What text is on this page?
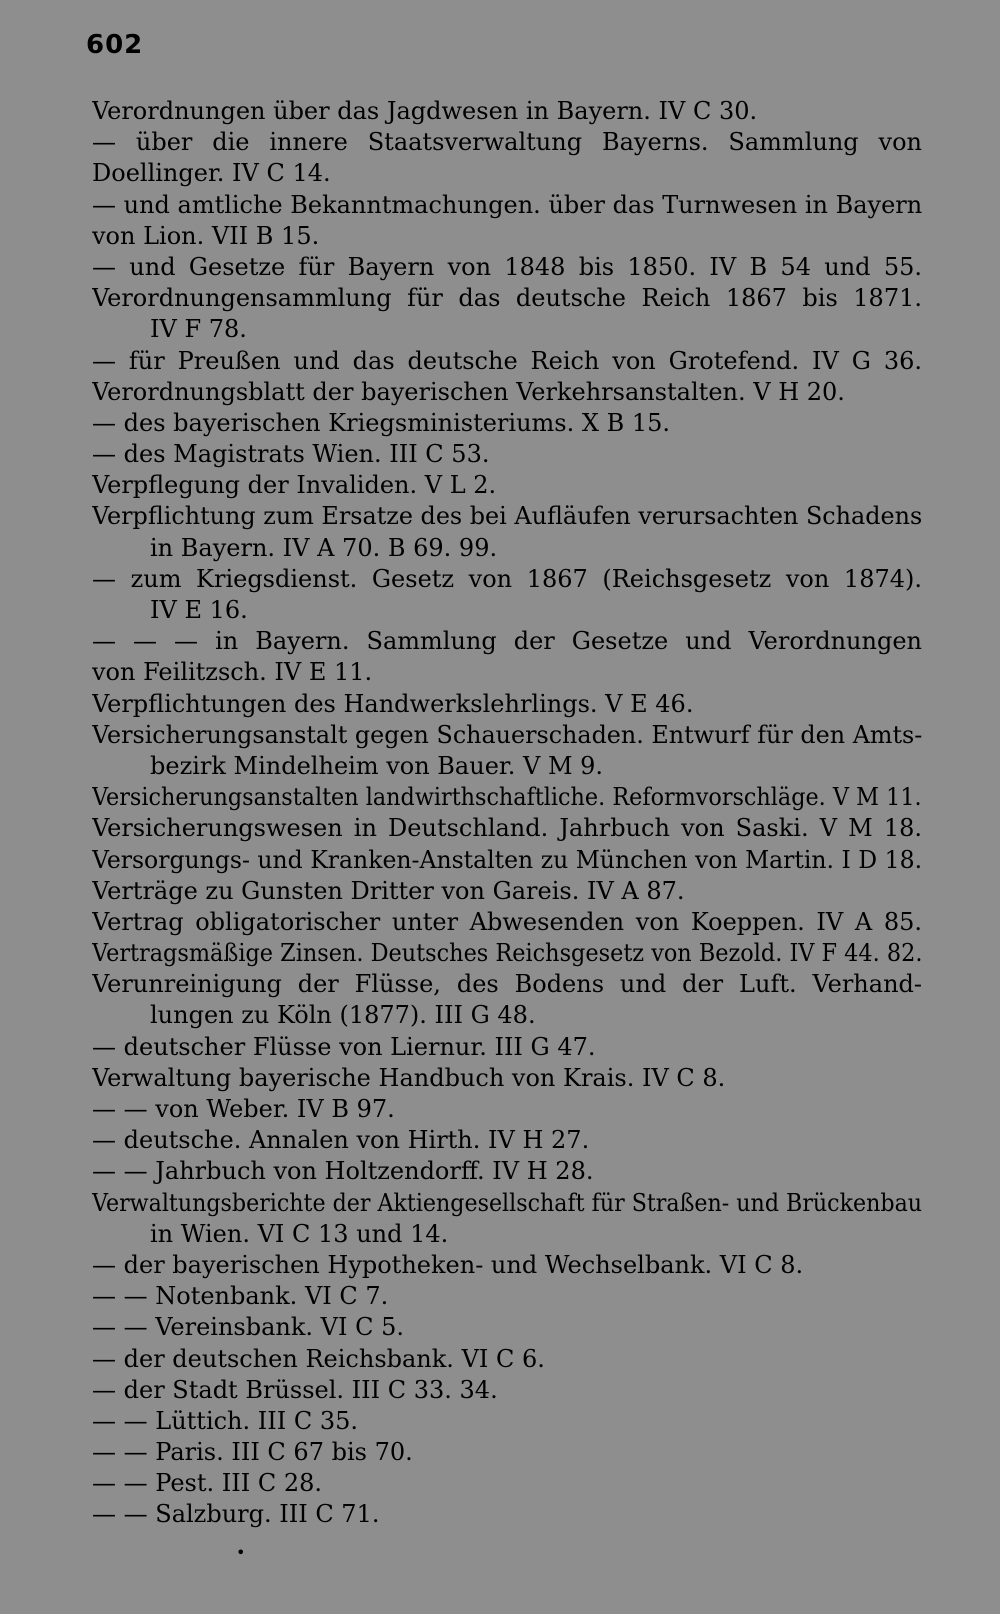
602
Verordnungen über das Jagdwesen in Bayern. IV C 30.
— über die innere Staatsverwaltung Bayerns. Sammlung von
Doellinger. IV C 14.
— und amtliche Bekanntmachungen. über das Turnwesen in Bayern
von Lion. VII B 15.
— und Gesetze für Bayern von 1848 bis 1850. IV B 54 und 55.
Verordnungensammlung für das deutsche Reich 1867 bis 1871.
IV F 78.
— für Preußen und das deutsche Reich von Grotefend. IV G 36.
Verordnungsblatt der bayerischen Verkehrsanstalten. V H 20.
— des bayerischen Kriegsministeriums. X B 15.
— des Magistrats Wien. III C 53.
Verpflegung der Invaliden. V L 2.
Verpflichtung zum Ersatze des bei Aufläufen verursachten Schadens
in Bayern. IV A 70. B 69. 99.
— zum Kriegsdienst. Gesetz von 1867 (Reichsgesetz von 1874).
IV E 16.
— — — in Bayern. Sammlung der Gesetze und Verordnungen
von Feilitzsch. IV E 11.
Verpflichtungen des Handwerkslehrlings. V E 46.
Versicherungsanstalt gegen Schauerschaden. Entwurf für den Amts-
bezirk Mindelheim von Bauer. V M 9.
Versicherungsanstalten landwirthschaftliche. Reformvorschläge. V M 11.
Versicherungswesen in Deutschland. Jahrbuch von Saski. V M 18.
Versorgungs- und Kranken-Anstalten zu München von Martin. I D 18.
Verträge zu Gunsten Dritter von Gareis. IV A 87.
Vertrag obligatorischer unter Abwesenden von Koeppen. IV A 85.
Vertragsmäßige Zinsen. Deutsches Reichsgesetz von Bezold. IV F 44. 82.
Verunreinigung der Flüsse, des Bodens und der Luft. Verhand-
lungen zu Köln (1877). III G 48.
— deutscher Flüsse von Liernur. III G 47.
Verwaltung bayerische Handbuch von Krais. IV C 8.
— — von Weber. IV B 97.
— deutsche. Annalen von Hirth. IV H 27.
— — Jahrbuch von Holtzendorff. IV H 28.
Verwaltungsberichte der Aktiengesellschaft für Straßen- und Brückenbau
in Wien. VI C 13 und 14.
— der bayerischen Hypotheken- und Wechselbank. VI C 8.
— — Notenbank. VI C 7.
— — Vereinsbank. VI C 5.
— der deutschen Reichsbank. VI C 6.
— der Stadt Brüssel. III C 33. 34.
— — Lüttich. III C 35.
— — Paris. III C 67 bis 70.
— — Pest. III C 28.
— — Salzburg. III C 71.
•
